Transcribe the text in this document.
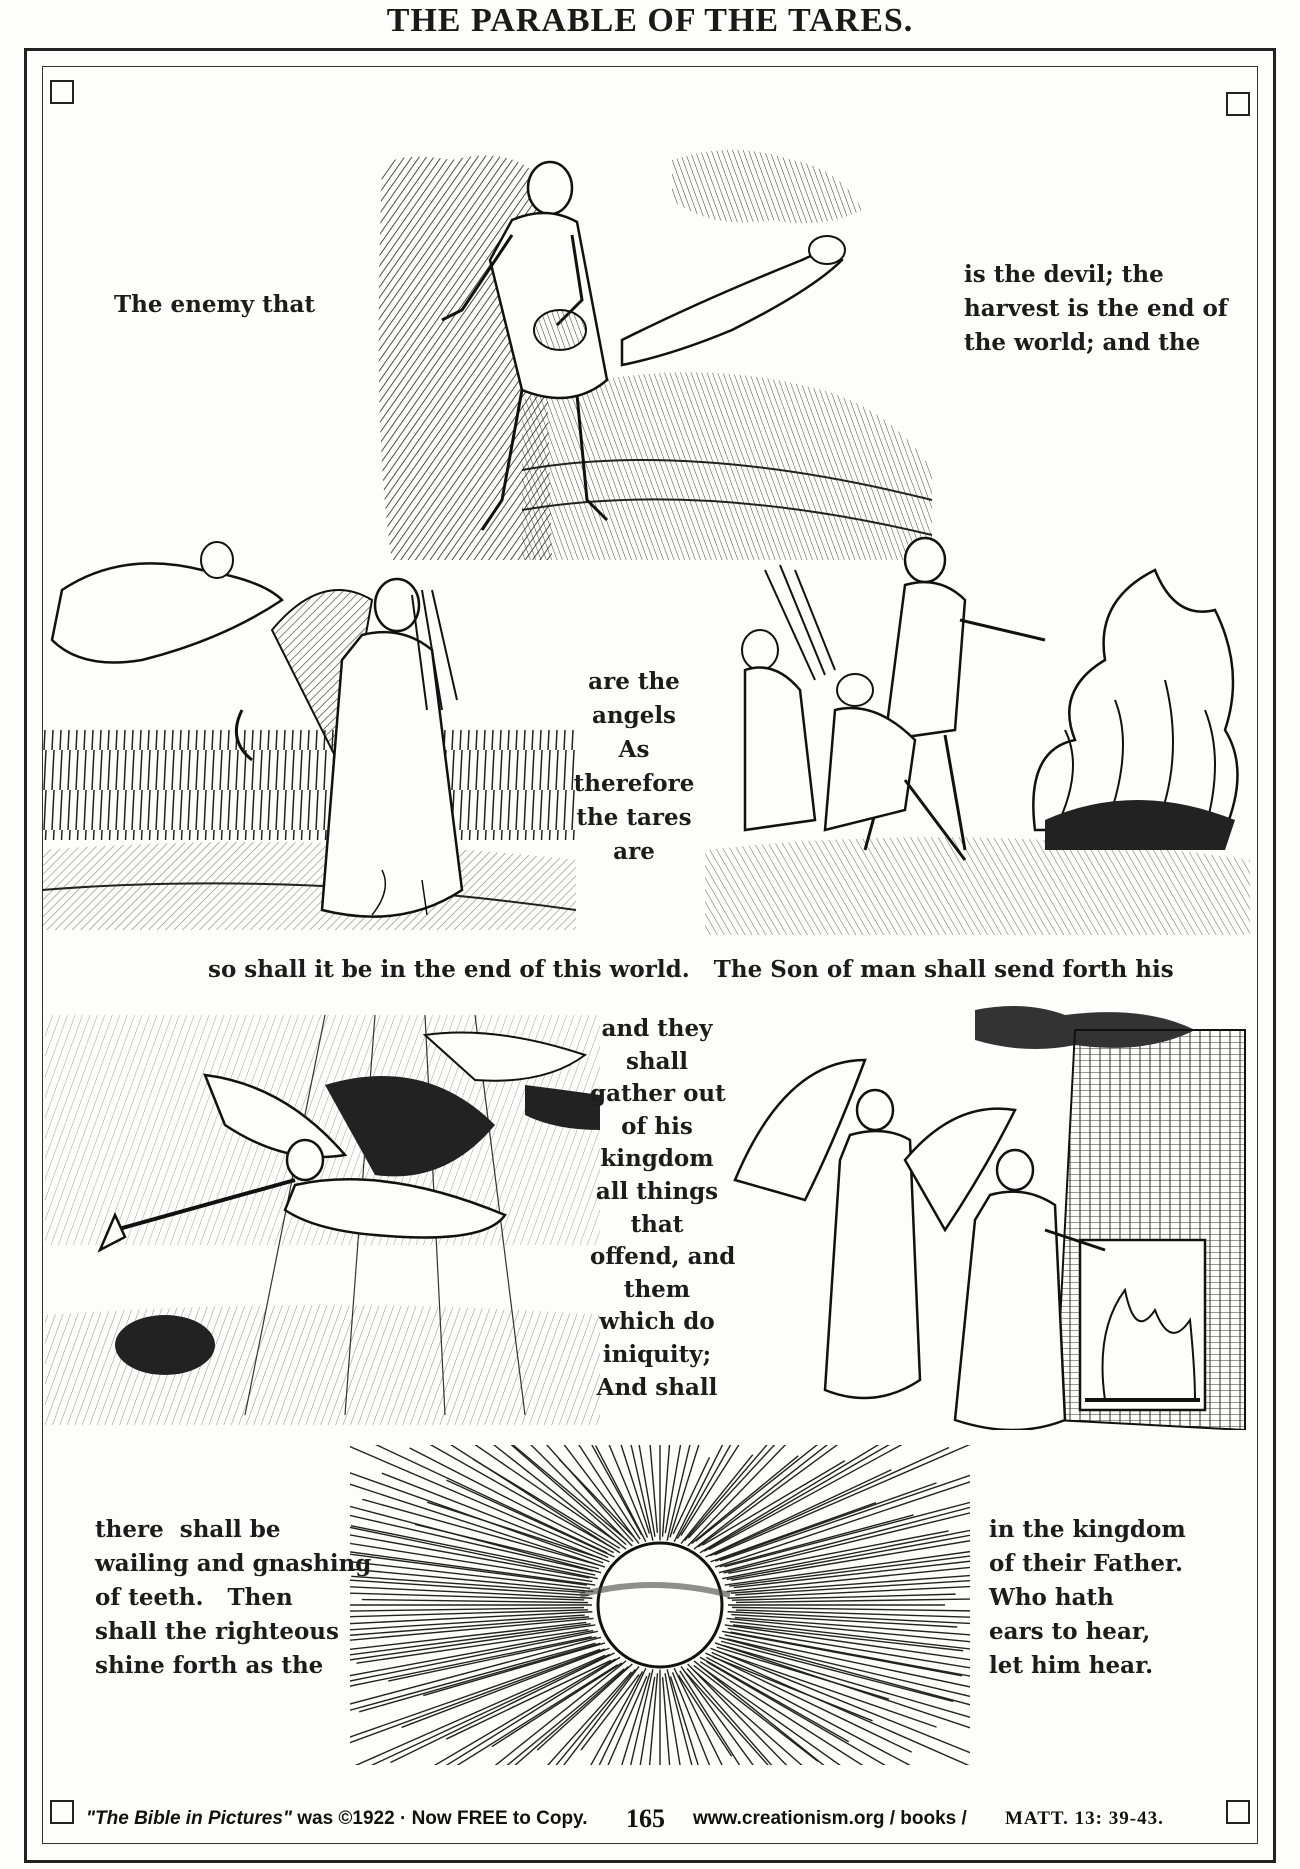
THE PARABLE OF THE TARES.
The enemy that
is the devil; the
harvest is the end of
the world; and the
are the
angels
As
therefore
the tares
are
so shall it be in the end of this world.   The Son of man shall send forth his
and they
shall
gather out
of his
kingdom
all things
that
offend, and
them
which do
iniquity;
And shall
there  shall be
wailing and gnashing
of teeth.   Then
shall the righteous
shine forth as the
in the kingdom
of their Father.
Who hath
ears to hear,
let him hear.
"The Bible in Pictures" was ©1922 · Now FREE to Copy. 165 www.creationism.org / books / MATT. 13: 39-43.
